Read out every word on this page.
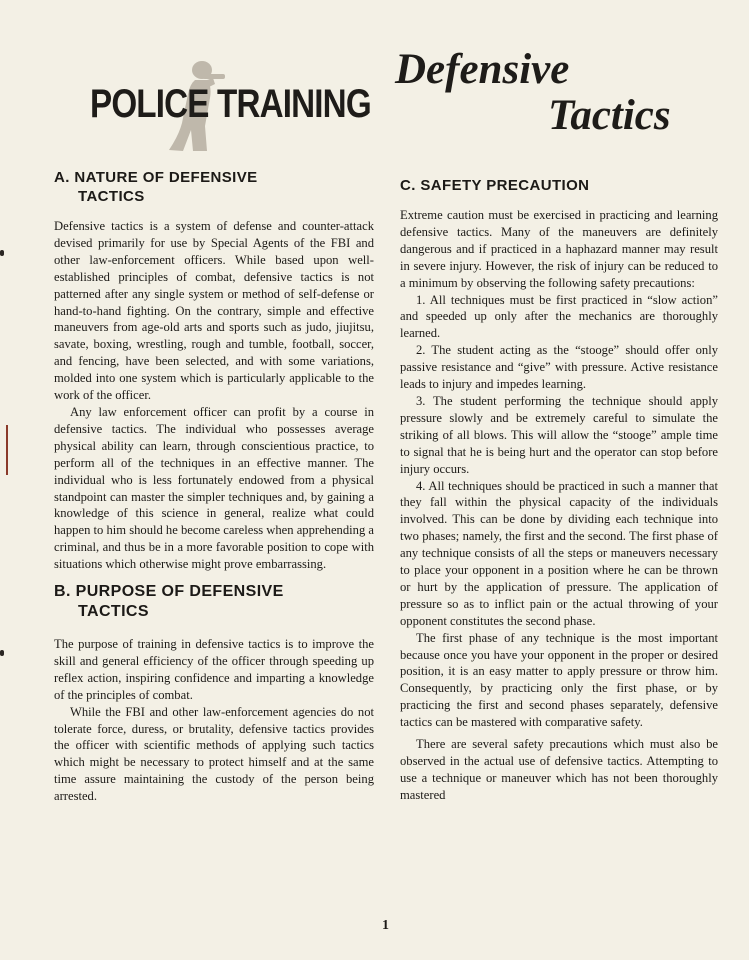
POLICE TRAINING
Defensive
Tactics
A. NATURE OF DEFENSIVE
TACTICS

Defensive tactics is a system of defense and counter-attack devised primarily for use by Special Agents of the FBI and other law-enforcement officers. While based upon well-established principles of combat, defensive tactics is not patterned after any single system or method of self-defense or hand-to-hand fighting. On the contrary, simple and effective maneuvers from age-old arts and sports such as judo, jiujitsu, savate, boxing, wrestling, rough and tumble, football, soccer, and fencing, have been selected, and with some variations, molded into one system which is particularly applicable to the work of the officer.

Any law enforcement officer can profit by a course in defensive tactics. The individual who possesses average physical ability can learn, through conscientious practice, to perform all of the techniques in an effective manner. The individual who is less fortunately endowed from a physical standpoint can master the simpler techniques and, by gaining a knowledge of this science in general, realize what could happen to him should he become careless when apprehending a criminal, and thus be in a more favorable position to cope with situations which otherwise might prove embarrassing.

B. PURPOSE OF DEFENSIVE
TACTICS

The purpose of training in defensive tactics is to improve the skill and general efficiency of the officer through speeding up reflex action, inspiring confidence and imparting a knowledge of the principles of combat.

While the FBI and other law-enforcement agencies do not tolerate force, duress, or brutality, defensive tactics provides the officer with scientific methods of applying such tactics which might be necessary to protect himself and at the same time assure maintaining the custody of the person being arrested.

C. SAFETY PRECAUTION

Extreme caution must be exercised in practicing and learning defensive tactics. Many of the maneuvers are definitely dangerous and if practiced in a haphazard manner may result in severe injury. However, the risk of injury can be reduced to a minimum by observing the following safety precautions:

1. All techniques must be first practiced in “slow action” and speeded up only after the mechanics are thoroughly learned.

2. The student acting as the “stooge” should offer only passive resistance and “give” with pressure. Active resistance leads to injury and impedes learning.

3. The student performing the technique should apply pressure slowly and be extremely careful to simulate the striking of all blows. This will allow the “stooge” ample time to signal that he is being hurt and the operator can stop before injury occurs.

4. All techniques should be practiced in such a manner that they fall within the physical capacity of the individuals involved. This can be done by dividing each technique into two phases; namely, the first and the second. The first phase of any technique consists of all the steps or maneuvers necessary to place your opponent in a position where he can be thrown or hurt by the application of pressure. The application of pressure so as to inflict pain or the actual throwing of your opponent constitutes the second phase.

The first phase of any technique is the most important because once you have your opponent in the proper or desired position, it is an easy matter to apply pressure or throw him. Consequently, by practicing only the first phase, or by practicing the first and second phases separately, defensive tactics can be mastered with comparative safety.

There are several safety precautions which must also be observed in the actual use of defensive tactics. Attempting to use a technique or maneuver which has not been thoroughly mastered

1
